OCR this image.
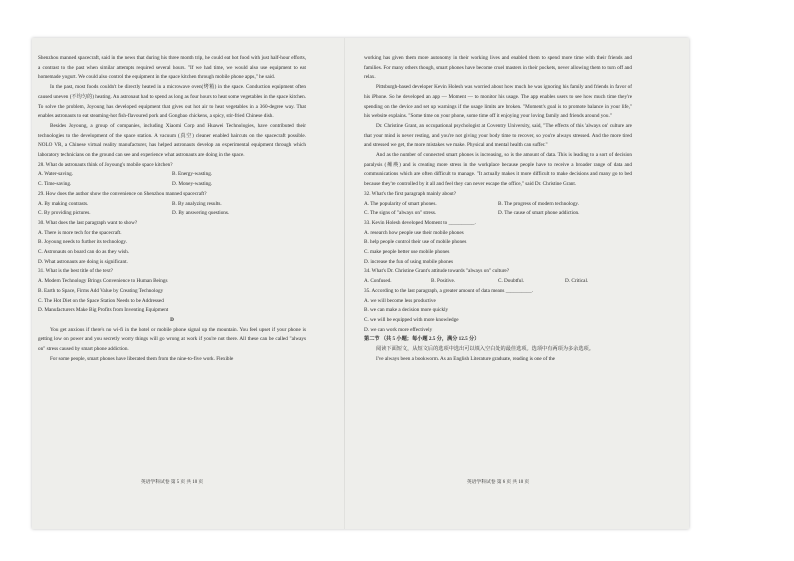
Shenzhou manned spacecraft, said in the news that during his three month trip, he could eat hot food with just half-hour efforts, a contrast to the past when similar attempts required several hours. "If we had time, we would also use equipment to eat homemade yogurt. We could also control the equipment in the space kitchen through mobile phone apps," he said.

In the past, most foods couldn't be directly heated in a microwave oven(烤箱) in the space. Conduction equipment often caused uneven (不均匀的) heating. An astronaut had to spend as long as four hours to heat some vegetables in the space kitchen. To solve the problem, Joyoung has developed equipment that gives out hot air to heat vegetables in a 360-degree way. That enables astronauts to eat steaming-hot fish-flavoured pork and Gongbao chickens, a spicy, stir-fried Chinese dish.

Besides Joyoung, a group of companies, including Xiaomi Corp and Huawei Technologies, have contributed their technologies to the development of the space station. A vacuum (真空) cleaner enabled haircuts on the spacecraft possible. NOLO VR, a Chinese virtual reality manufacturer, has helped astronauts develop an experimental equipment through which laboratory technicians on the ground can see and experience what astronauts are doing in the space.

28. What do astronauts think of Joyoung's mobile space kitchen?

A. Water-saving.	B. Energy-wasting.
C. Time-saving.	D. Money-wasting.

29. How does the author show the convenience on Shenzhou manned spacecraft?

A. By making contrasts.	B. By analyzing results.
C. By providing pictures.	D. By answering questions.

30. What does the last paragraph want to show?

A. There is more tech for the spacecraft.

B. Joyoung needs to further its technology.

C. Astronauts on board can do as they wish.

D. What astronauts are doing is significant.

31. What is the best title of the text?

A. Modern Technology Brings Convenience to Human Beings

B. Earth to Space, Firms Add Value by Creating Technology

C. The Hot Diet on the Space Station Needs to be Addressed

D. Manufacturers Make Big Profits from Inventing Equipment

D

You get anxious if there's no wi-fi in the hotel or mobile phone signal up the mountain. You feel upset if your phone is getting low on power and you secretly worry things will go wrong at work if you're not there. All these can be called "always on" stress caused by smart phone addiction.

For some people, smart phones have liberated them from the nine-to-five work. Flexible

英语学科试卷 第 5 页 共 10 页

working has given them more autonomy in their working lives and enabled them to spend more time with their friends and families. For many others though, smart phones have become cruel masters in their pockets, never allowing them to turn off and relax.

Pittsburgh-based developer Kevin Holesh was worried about how much he was ignoring his family and friends in favor of his iPhone. So he developed an app — Moment — to monitor his usage. The app enables users to see how much time they're spending on the device and set up warnings if the usage limits are broken. "Moment's goal is to promote balance in your life," his website explains. "Some time on your phone, some time off it enjoying your loving family and friends around you."

Dr. Christine Grant, an occupational psychologist at Coventry University, said, "The effects of this 'always on' culture are that your mind is never resting, and you're not giving your body time to recover, so you're always stressed. And the more tired and stressed we get, the more mistakes we make. Physical and mental health can suffer."

And as the number of connected smart phones is increasing, so is the amount of data. This is leading to a sort of decision paralysis (瘫痪) and is creating more stress in the workplace because people have to receive a broader range of data and communications which are often difficult to manage. "It actually makes it more difficult to make decisions and many go to bed because they're controlled by it all and feel they can never escape the office," said Dr. Christine Grant.

32. What's the first paragraph mainly about?

A. The popularity of smart phones.	B. The progress of modern technology.
C. The signs of "always on" stress.	D. The cause of smart phone addiction.

33. Kevin Holesh developed Moment to __________.

A. research how people use their mobile phones

B. help people control their use of mobile phones

C. make people better use mobile phones

D. increase the fun of using mobile phones

34. What's Dr. Christine Grant's attitude towards "always on" culture?

A. Confused.	B. Positive.	C. Doubtful.	D. Critical.

35. According to the last paragraph, a greater amount of data means __________.

A. we will become less productive

B. we can make a decision more quickly

C. we will be equipped with more knowledge

D. we can work more effectively

第二节 （共 5 小题；每小题 2.5 分，满分 12.5 分）

阅读下面短文，从短文后的选项中选出可以填入空白处的最佳选项。选项中有两项为多余选项。

I've always been a bookworm. As an English Literature graduate, reading is one of the

英语学科试卷 第 6 页 共 10 页
